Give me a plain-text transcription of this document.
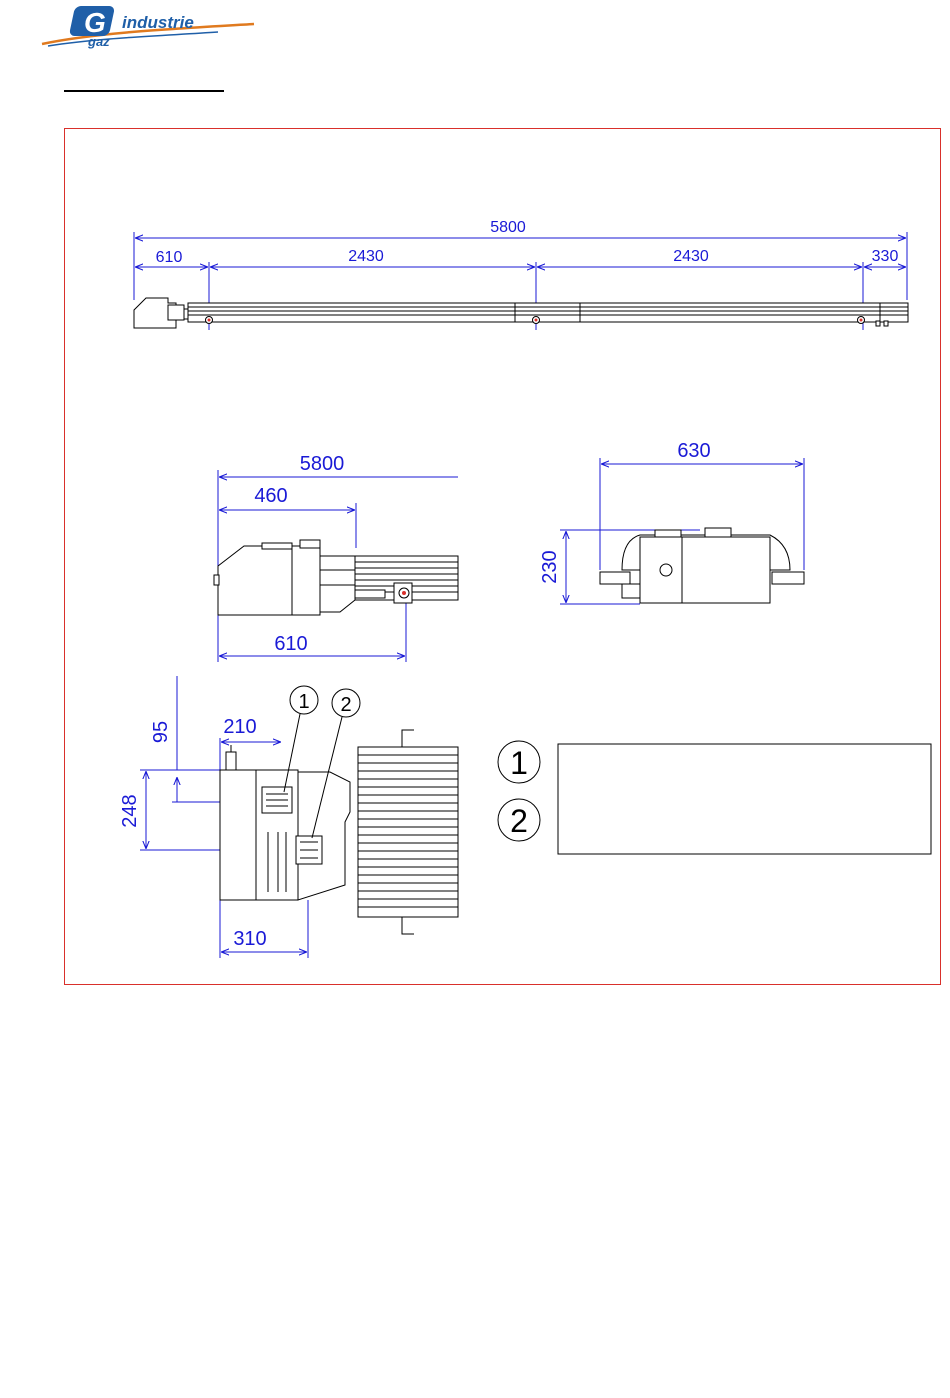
G industrie
gaz
5800
610	2430	2430	330
5800
460
610
630
230
95
248
210
310
1 2
1
2
